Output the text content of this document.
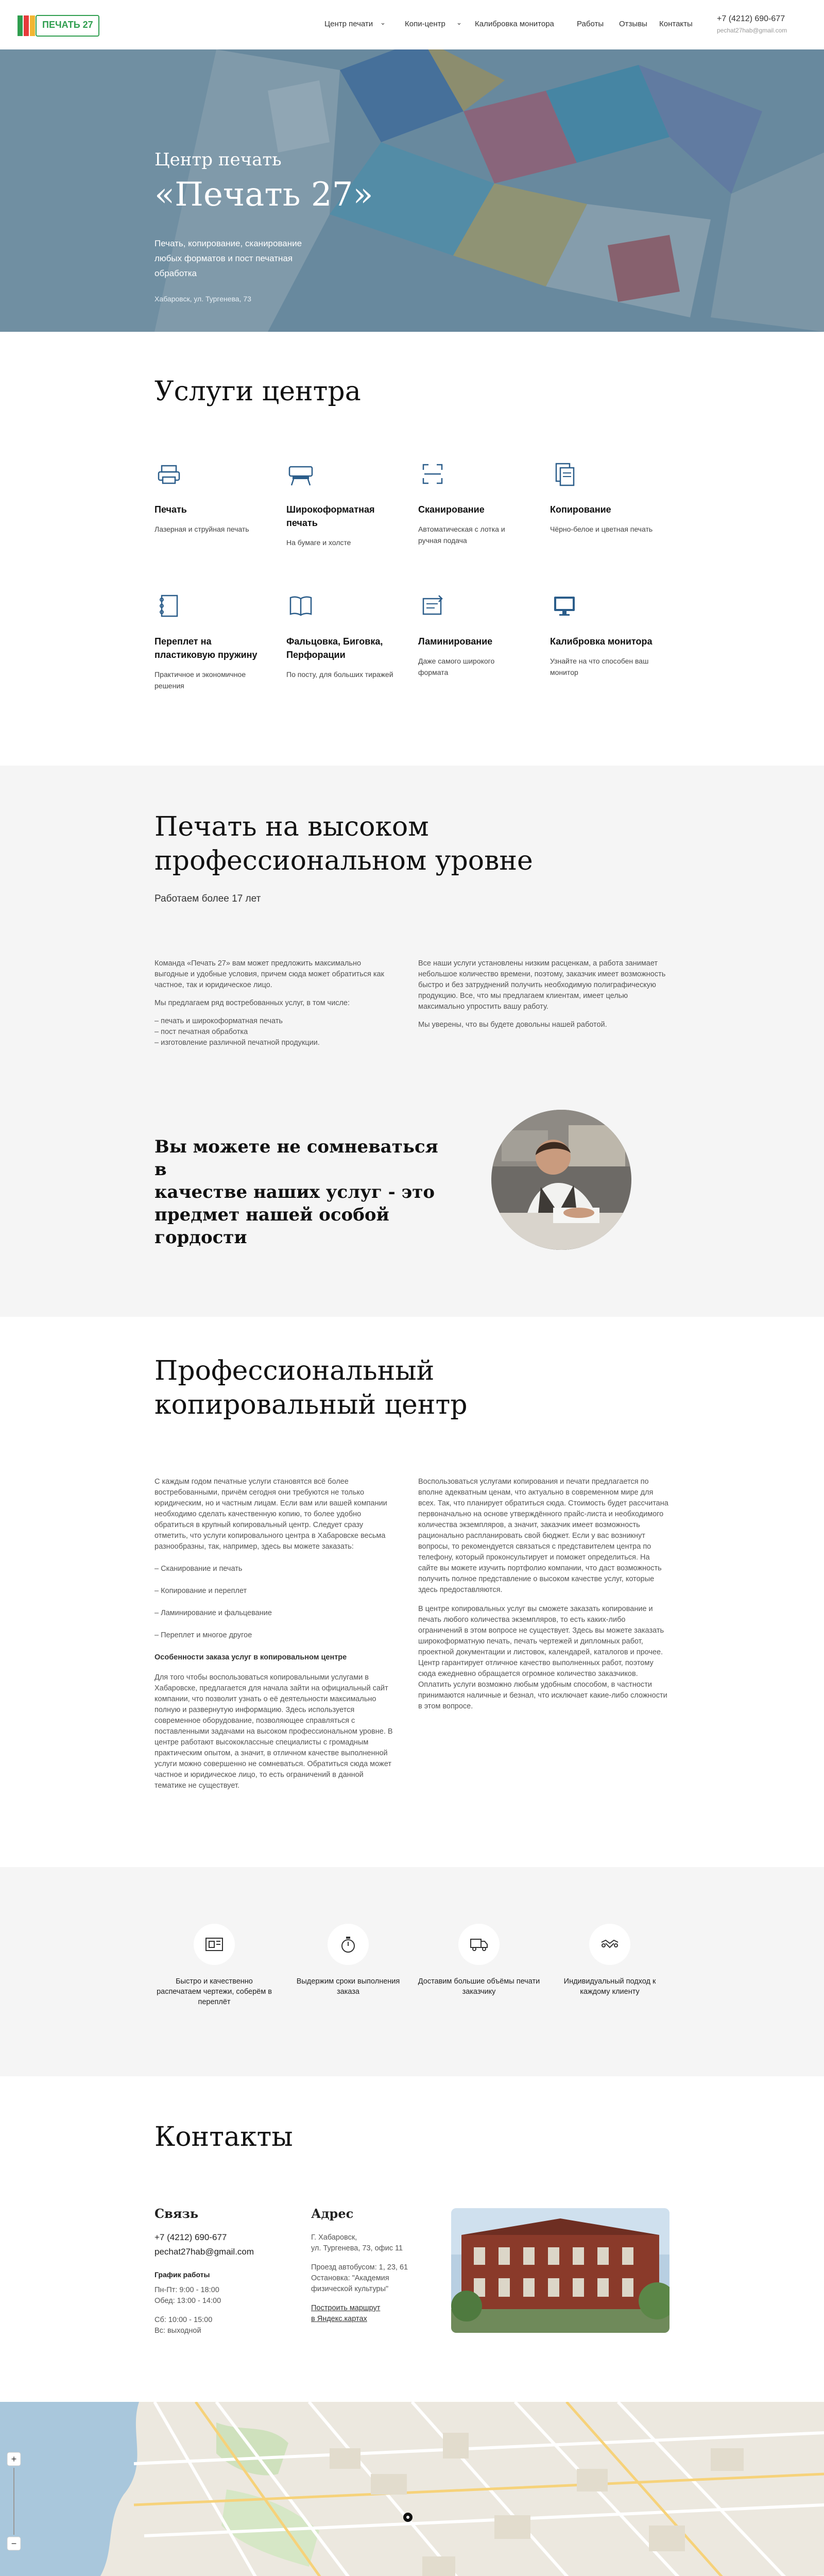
ПЕЧАТЬ 27	Центр печати ⌄ Копи-центр ⌄ Калибровка монитора	Работы Отзывы Контакты
+7 (4212) 690-677
pechat27hab@gmail.com
Центр печать
«Печать 27»
Печать, копирование, сканирование любых форматов и пост печатная обработка
Хабаровск, ул. Тургенева, 73
Услуги центра
Печать
Лазерная и струйная печать
Широкоформатная печать
На бумаге и холсте
Сканирование
Автоматическая с лотка и ручная подача
Копирование
Чёрно-белое и цветная печать
Переплет на пластиковую пружину
Практичное и экономичное решения
Фальцовка, Биговка, Перфорации
По посту, для больших тиражей
Ламинирование
Даже самого широкого формата
Калибровка монитора
Узнайте на что способен ваш монитор
Печать на высоком
профессиональном уровне
Работаем более 17 лет

Команда «Печать 27» вам может предложить максимально выгодные и удобные условия, причем сюда может обратиться как частное, так и юридическое лицо.

Мы предлагаем ряд востребованных услуг, в том числе:

– печать и широкоформатная печать

– пост печатная обработка

– изготовление различной печатной продукции.

Все наши услуги установлены низким расценкам, а работа занимает небольшое количество времени, поэтому, заказчик имеет возможность быстро и без затруднений получить необходимую полиграфическую продукцию. Все, что мы предлагаем клиентам, имеет целью максимально упростить вашу работу.

Мы уверены, что вы будете довольны нашей работой.

Вы можете не сомневаться в
качестве наших услуг - это
предмет нашей особой
гордости
Профессиональный
копировальный центр

С каждым годом печатные услуги становятся всё более востребованными, причём сегодня они требуются не только юридическим, но и частным лицам. Если вам или вашей компании необходимо сделать качественную копию, то более удобно обратиться в крупный копировальный центр. Следует сразу отметить, что услуги копировального центра в Хабаровске весьма разнообразны, так, например, здесь вы можете заказать:

– Сканирование и печать

– Копирование и переплет

– Ламинирование и фальцевание

– Переплет и многое другое

Особенности заказа услуг в копировальном центре

Для того чтобы воспользоваться копировальными услугами в Хабаровске, предлагается для начала зайти на официальный сайт компании, что позволит узнать о её деятельности максимально полную и развернутую информацию. Здесь используется современное оборудование, позволяющее справляться с поставленными задачами на высоком профессиональном уровне. В центре работают высококлассные специалисты с громадным практическим опытом, а значит, в отличном качестве выполненной услуги можно совершенно не сомневаться. Обратиться сюда может частное и юридическое лицо, то есть ограничений в данной тематике не существует.

Воспользоваться услугами копирования и печати предлагается по вполне адекватным ценам, что актуально в современном мире для всех. Так, что планирует обратиться сюда. Стоимость будет рассчитана первоначально на основе утверждённого прайс-листа и необходимого количества экземпляров, а значит, заказчик имеет возможность рационально распланировать свой бюджет. Если у вас возникнут вопросы, то рекомендуется связаться с представителем центра по телефону, который проконсультирует и поможет определиться. На сайте вы можете изучить портфолио компании, что даст возможность получить полное представление о высоком качестве услуг, которые здесь предоставляются.

В центре копировальных услуг вы сможете заказать копирование и печать любого количества экземпляров, то есть каких-либо ограничений в этом вопросе не существует. Здесь вы можете заказать широкоформатную печать, печать чертежей и дипломных работ, проектной документации и листовок, календарей, каталогов и прочее. Центр гарантирует отличное качество выполненных работ, поэтому сюда ежедневно обращается огромное количество заказчиков. Оплатить услуги возможно любым удобным способом, в частности принимаются наличные и безнал, что исключает какие-либо сложности в этом вопросе.

Быстро и качественно распечатаем чертежи, соберём в переплёт
Выдержим сроки выполнения заказа
Доставим большие объёмы печати заказчику
Индивидуальный подход к каждому клиенту
Контакты
Связь
+7 (4212) 690-677
pechat27hab@gmail.com
График работы
Пн-Пт: 9:00 - 18:00
Обед: 13:00 - 14:00
Сб: 10:00 - 15:00
Вс: выходной
Адрес
Г. Хабаровск,
ул. Тургенева, 73, офис 11
Проезд автобусом: 1, 23, 61
Остановка: "Академия
физической культуры"
Построить маршрут
в Яндекс.картах
+
−
